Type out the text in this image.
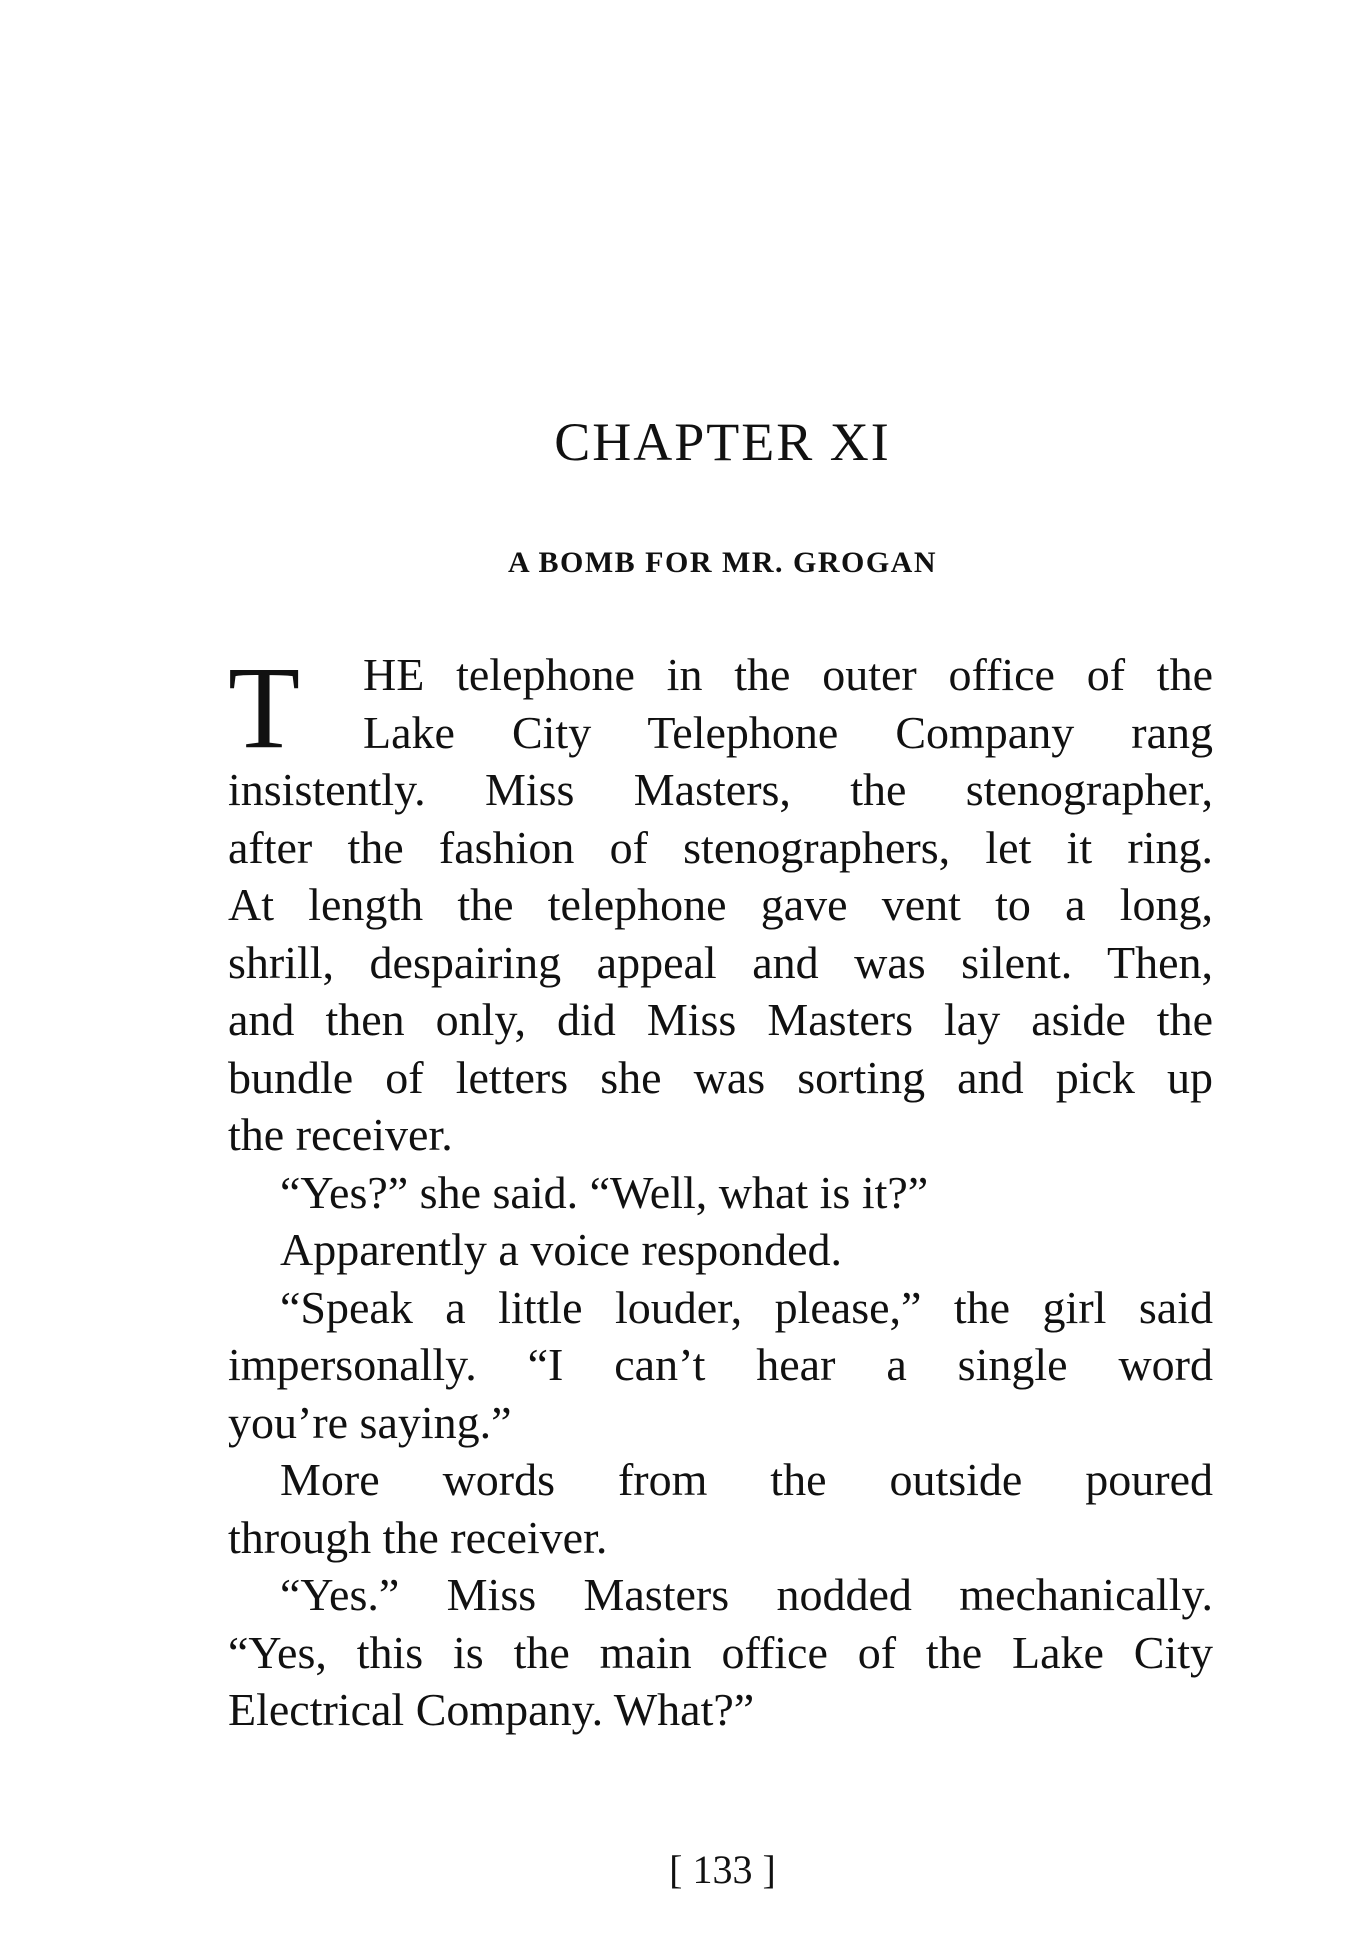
CHAPTER XI
A BOMB FOR MR. GROGAN
T	HE telephone in the outer office of the
Lake City Telephone Company rang
insistently. Miss Masters, the stenographer,
after the fashion of stenographers, let it ring.
At length the telephone gave vent to a long,
shrill, despairing appeal and was silent. Then,
and then only, did Miss Masters lay aside the
bundle of letters she was sorting and pick up
the receiver.
“Yes?” she said. “Well, what is it?”
Apparently a voice responded.
“Speak a little louder, please,” the girl said
impersonally. “I can’t hear a single word
you’re saying.”
More words from the outside poured
through the receiver.
“Yes.” Miss Masters nodded mechanically.
“Yes, this is the main office of the Lake City
Electrical Company. What?”
[ 133 ]
